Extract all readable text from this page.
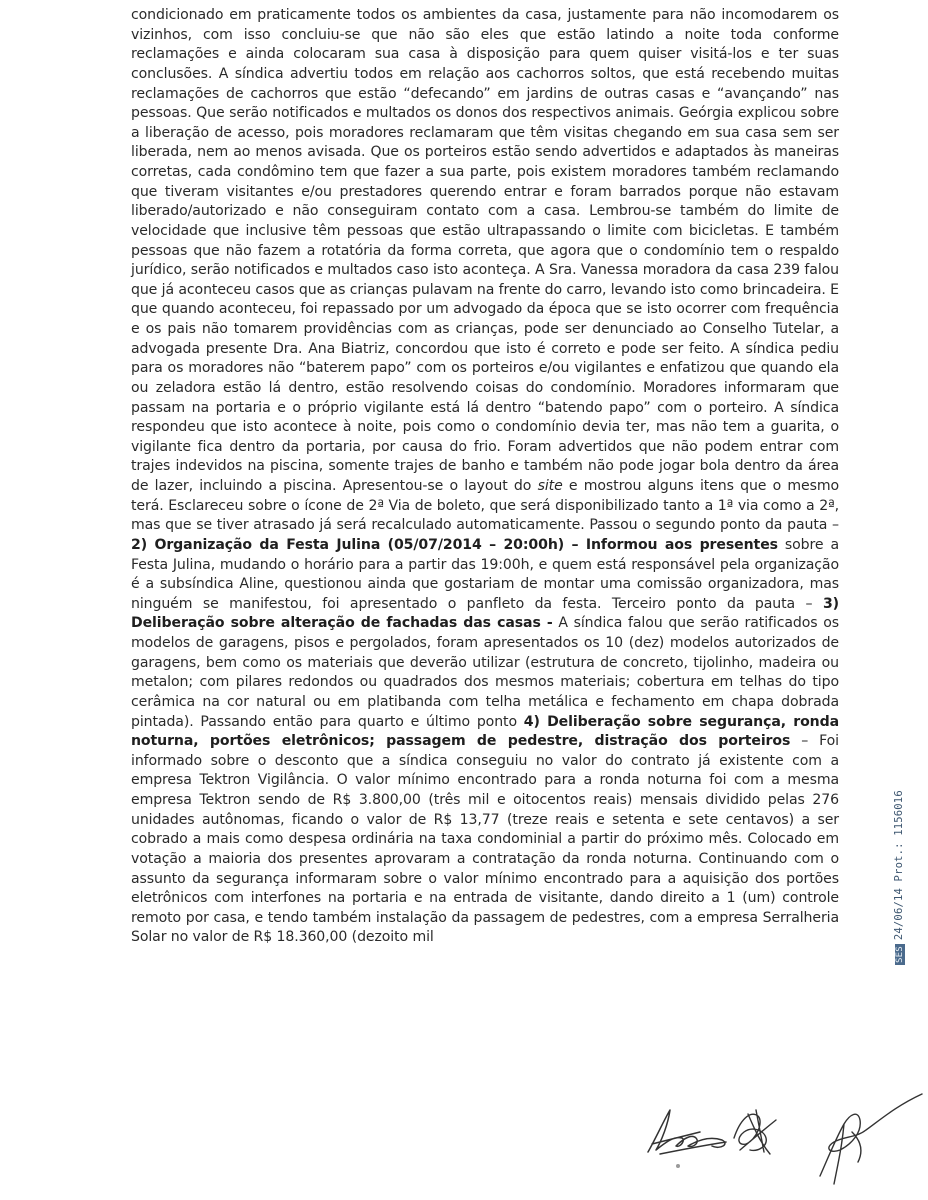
condicionado em praticamente todos os ambientes da casa, justamente para não incomodarem os vizinhos, com isso concluiu-se que não são eles que estão latindo a noite toda conforme reclamações e ainda colocaram sua casa à disposição para quem quiser visitá-los e ter suas conclusões. A síndica advertiu todos em relação aos cachorros soltos, que está recebendo muitas reclamações de cachorros que estão “defecando” em jardins de outras casas e “avançando” nas pessoas. Que serão notificados e multados os donos dos respectivos animais. Geórgia explicou sobre a liberação de acesso, pois moradores reclamaram que têm visitas chegando em sua casa sem ser liberada, nem ao menos avisada. Que os porteiros estão sendo advertidos e adaptados às maneiras corretas, cada condômino tem que fazer a sua parte, pois existem moradores também reclamando que tiveram visitantes e/ou prestadores querendo entrar e foram barrados porque não estavam liberado/autorizado e não conseguiram contato com a casa. Lembrou-se também do limite de velocidade que inclusive têm pessoas que estão ultrapassando o limite com bicicletas. E também pessoas que não fazem a rotatória da forma correta, que agora que o condomínio tem o respaldo jurídico, serão notificados e multados caso isto aconteça. A Sra. Vanessa moradora da casa 239 falou que já aconteceu casos que as crianças pulavam na frente do carro, levando isto como brincadeira. E que quando aconteceu, foi repassado por um advogado da época que se isto ocorrer com frequência e os pais não tomarem providências com as crianças, pode ser denunciado ao Conselho Tutelar, a advogada presente Dra. Ana Biatriz, concordou que isto é correto e pode ser feito. A síndica pediu para os moradores não “baterem papo” com os porteiros e/ou vigilantes e enfatizou que quando ela ou zeladora estão lá dentro, estão resolvendo coisas do condomínio. Moradores informaram que passam na portaria e o próprio vigilante está lá dentro “batendo papo” com o porteiro. A síndica respondeu que isto acontece à noite, pois como o condomínio devia ter, mas não tem a guarita, o vigilante fica dentro da portaria, por causa do frio. Foram advertidos que não podem entrar com trajes indevidos na piscina, somente trajes de banho e também não pode jogar bola dentro da área de lazer, incluindo a piscina. Apresentou-se o layout do site e mostrou alguns itens que o mesmo terá. Esclareceu sobre o ícone de 2ª Via de boleto, que será disponibilizado tanto a 1ª via como a 2ª, mas que se tiver atrasado já será recalculado automaticamente. Passou o segundo ponto da pauta – 2) Organização da Festa Julina (05/07/2014 – 20:00h) – Informou aos presentes sobre a Festa Julina, mudando o horário para a partir das 19:00h, e quem está responsável pela organização é a subsíndica Aline, questionou ainda que gostariam de montar uma comissão organizadora, mas ninguém se manifestou, foi apresentado o panfleto da festa. Terceiro ponto da pauta – 3) Deliberação sobre alteração de fachadas das casas - A síndica falou que serão ratificados os modelos de garagens, pisos e pergolados, foram apresentados os 10 (dez) modelos autorizados de garagens, bem como os materiais que deverão utilizar (estrutura de concreto, tijolinho, madeira ou metalon; com pilares redondos ou quadrados dos mesmos materiais; cobertura em telhas do tipo cerâmica na cor natural ou em platibanda com telha metálica e fechamento em chapa dobrada pintada). Passando então para quarto e último ponto 4) Deliberação sobre segurança, ronda noturna, portões eletrônicos; passagem de pedestre, distração dos porteiros – Foi informado sobre o desconto que a síndica conseguiu no valor do contrato já existente com a empresa Tektron Vigilância. O valor mínimo encontrado para a ronda noturna foi com a mesma empresa Tektron sendo de R$ 3.800,00 (três mil e oitocentos reais) mensais dividido pelas 276 unidades autônomas, ficando o valor de R$ 13,77 (treze reais e setenta e sete centavos) a ser cobrado a mais como despesa ordinária na taxa condominial a partir do próximo mês. Colocado em votação a maioria dos presentes aprovaram a contratação da ronda noturna. Continuando com o assunto da segurança informaram sobre o valor mínimo encontrado para a aquisição dos portões eletrônicos com interfones na portaria e na entrada de visitante, dando direito a 1 (um) controle remoto por casa, e tendo também instalação da passagem de pedestres, com a empresa Serralheria Solar no valor de R$ 18.360,00 (dezoito mil

SES24/06/14 Prot.: 1156016
